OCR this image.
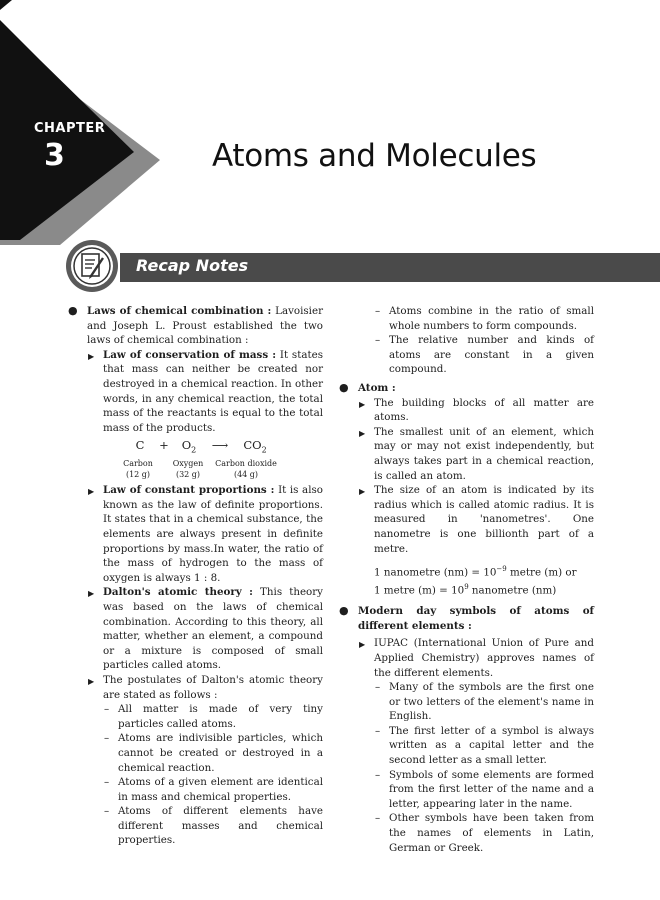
CHAPTER
3	Atoms and Molecules
Recap Notes
● Laws of chemical combination : Lavoisier and Joseph L. Proust established the two laws of chemical combination :

▶ Law of conservation of mass : It states that mass can neither be created nor destroyed in a chemical reaction. In other words, in any chemical reaction, the total mass of the reactants is equal to the total mass of the products.

C	+	$O_2$	⟶	$CO_2$
Carbon	Oxygen	Carbon dioxide
(12 g)	(32 g)	(44 g)
▶ Law of constant proportions : It is also known as the law of definite proportions. It states that in a chemical substance, the elements are always present in definite proportions by mass.In water, the ratio of the mass of hydrogen to the mass of oxygen is always 1 : 8.

▶ Dalton's atomic theory : This theory was based on the laws of chemical combination. According to this theory, all matter, whether an element, a compound or a mixture is composed of small particles called atoms.

▶ The postulates of Dalton's atomic theory are stated as follows :

– All matter is made of very tiny particles called atoms.

– Atoms are indivisible particles, which cannot be created or destroyed in a chemical reaction.

– Atoms of a given element are identical in mass and chemical properties.

– Atoms of different elements have different masses and chemical properties.

– Atoms combine in the ratio of small whole numbers to form compounds.

– The relative number and kinds of atoms are constant in a given compound.

● Atom :

▶ The building blocks of all matter are atoms.

▶ The smallest unit of an element, which may or may not exist independently, but always takes part in a chemical reaction, is called an atom.

▶ The size of an atom is indicated by its radius which is called atomic radius. It is measured in 'nanometres'. One nanometre is one billionth part of a metre.

1 nanometre $(nm) = 10^{-9}$ metre (m) or

1 metre $(m) = 10^9$ nanometre (nm)

● Modern day symbols of atoms of different elements :

▶ IUPAC (International Union of Pure and Applied Chemistry) approves names of the different elements.

– Many of the symbols are the first one or two letters of the element's name in English.

– The first letter of a symbol is always written as a capital letter and the second letter as a small letter.

– Symbols of some elements are formed from the first letter of the name and a letter, appearing later in the name.

– Other symbols have been taken from the names of elements in Latin, German or Greek.
